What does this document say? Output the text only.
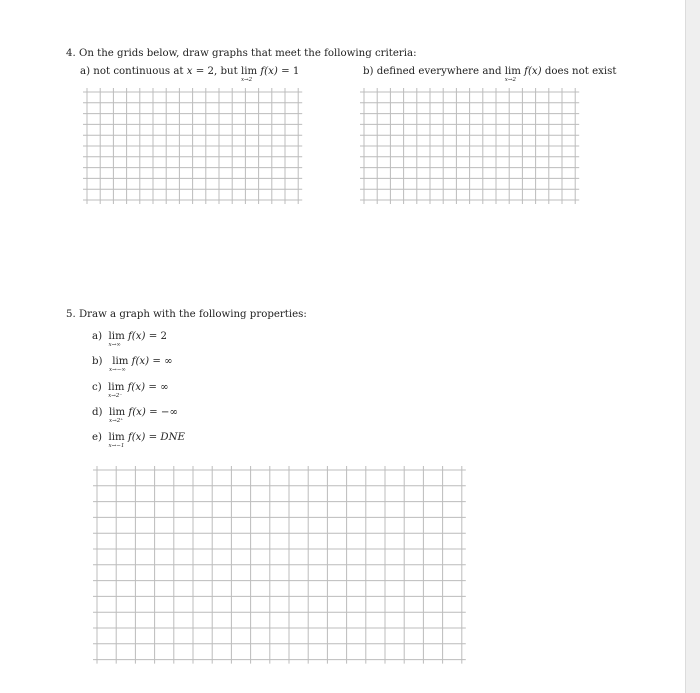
4. On the grids below, draw graphs that meet the following criteria:
a) not continuous at x = 2, but lim
x→2
f(x) = 1	b) defined everywhere and lim
x→2
f(x) does not exist
5. Draw a graph with the following properties:
a) lim
x→∞
f(x) = 2
b) lim
x→−∞
f(x) = ∞
c) lim
x→2⁻
f(x) = ∞
d) lim
x→2⁺
f(x) = −∞
e) lim
x→−1
f(x) = DNE
